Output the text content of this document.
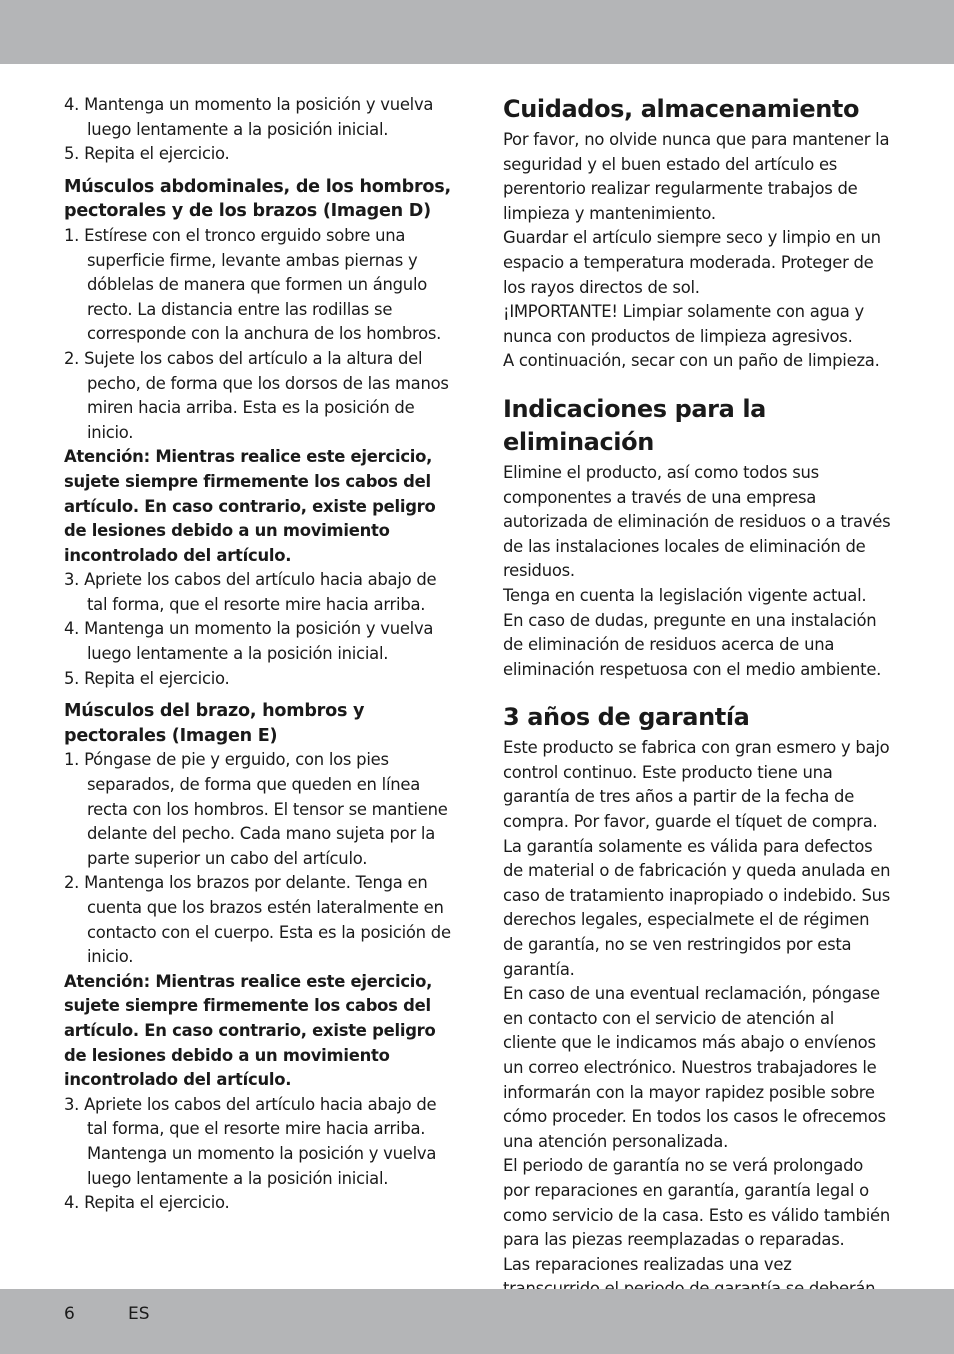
4. Mantenga un momento la posición y vuelva luego lentamente a la posición inicial.
5. Repita el ejercicio.
Músculos abdominales, de los hombros, pectorales y de los brazos (Imagen D)
1. Estírese con el tronco erguido sobre una superficie firme, levante ambas piernas y dóblelas de manera que formen un ángulo recto. La distancia entre las rodillas se corresponde con la anchura de los hombros.
2. Sujete los cabos del artículo a la altura del pecho, de forma que los dorsos de las manos miren hacia arriba. Esta es la posición de inicio.

Atención: Mientras realice este ejercicio, sujete siempre firmemente los cabos del artículo. En caso contrario, existe peligro de lesiones debido a un movimiento incontrolado del artículo.

3. Apriete los cabos del artículo hacia abajo de tal forma, que el resorte mire hacia arriba.
4. Mantenga un momento la posición y vuelva luego lentamente a la posición inicial.
5. Repita el ejercicio.
Músculos del brazo, hombros y pectorales (Imagen E)
1. Póngase de pie y erguido, con los pies separados, de forma que queden en línea recta con los hombros. El tensor se mantiene delante del pecho. Cada mano sujeta por la parte superior un cabo del artículo.
2. Mantenga los brazos por delante. Tenga en cuenta que los brazos estén lateralmente en contacto con el cuerpo. Esta es la posición de inicio.

Atención: Mientras realice este ejercicio, sujete siempre firmemente los cabos del artículo. En caso contrario, existe peligro de lesiones debido a un movimiento incontrolado del artículo.

3. Apriete los cabos del artículo hacia abajo de tal forma, que el resorte mire hacia arriba. Mantenga un momento la posición y vuelva luego lentamente a la posición inicial.
4. Repita el ejercicio.
Cuidados, almacenamiento

Por favor, no olvide nunca que para mantener la seguridad y el buen estado del artículo es perentorio realizar regularmente trabajos de limpieza y mantenimiento.

Guardar el artículo siempre seco y limpio en un espacio a temperatura moderada. Proteger de los rayos directos de sol.

¡IMPORTANTE! Limpiar solamente con agua y nunca con productos de limpieza agresivos.

A continuación, secar con un paño de limpieza.

Indicaciones para la eliminación

Elimine el producto, así como todos sus componentes a través de una empresa autorizada de eliminación de residuos o a través de las instalaciones locales de eliminación de residuos.

Tenga en cuenta la legislación vigente actual.

En caso de dudas, pregunte en una instalación de eliminación de residuos acerca de una eliminación respetuosa con el medio ambiente.

3 años de garantía

Este producto se fabrica con gran esmero y bajo control continuo. Este producto tiene una garantía de tres años a partir de la fecha de compra. Por favor, guarde el tíquet de compra.

La garantía solamente es válida para defectos de material o de fabricación y queda anulada en caso de tratamiento inapropiado o indebido. Sus derechos legales, especialmete el de régimen de garantía, no se ven restringidos por esta garantía.

En caso de una eventual reclamación, póngase en contacto con el servicio de atención al cliente que le indicamos más abajo o envíenos un correo electrónico. Nuestros trabajadores le informarán con la mayor rapidez posible sobre cómo proceder. En todos los casos le ofrecemos una atención personalizada.

El periodo de garantía no se verá prolongado por reparaciones en garantía, garantía legal o como servicio de la casa. Esto es válido también para las piezas reemplazadas o reparadas.

Las reparaciones realizadas una vez

6	ES
